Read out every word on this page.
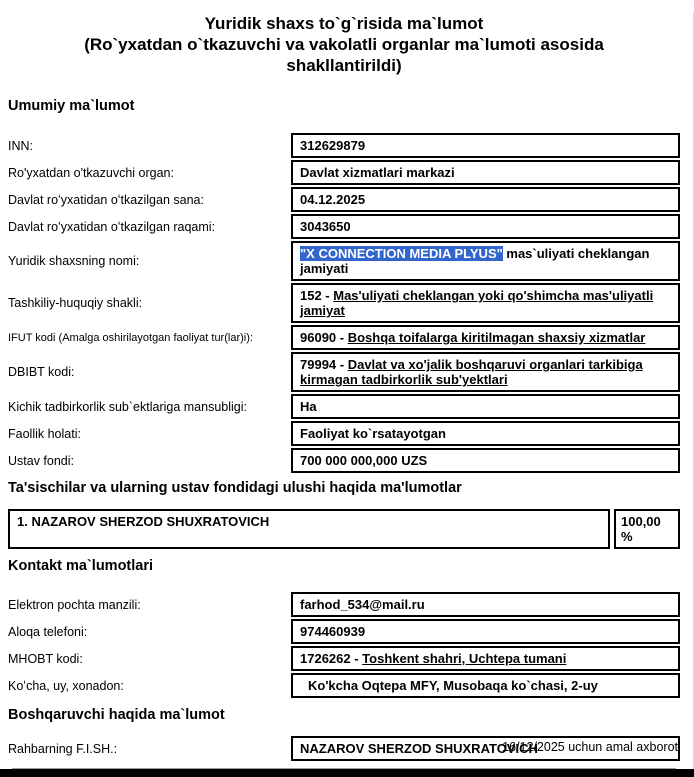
Yuridik shaxs to`g`risida ma`lumot
(Ro`yxatdan o`tkazuvchi va vakolatli organlar ma`lumoti asosida
shakllantirildi)
Umumiy ma`lumot
INN:	312629879
Ro'yxatdan o'tkazuvchi organ:	Davlat xizmatlari markazi
Davlat roʻyxatidan oʻtkazilgan sana:	04.12.2025
Davlat roʻyxatidan oʻtkazilgan raqami:	3043650
Yuridik shaxsning nomi:	"X CONNECTION MEDIA PLYUS" mas`uliyati cheklangan jamiyati
Tashkiliy-huquqiy shakli:	152 - Mas'uliyati cheklangan yoki qo'shimcha mas'uliyatli jamiyat
IFUT kodi (Amalga oshirilayotgan faoliyat tur(lar)i):	96090 - Boshqa toifalarga kiritilmagan shaxsiy xizmatlar
DBIBT kodi:	79994 - Davlat va xo'jalik boshqaruvi organlari tarkibiga kirmagan tadbirkorlik sub'yektlari
Kichik tadbirkorlik sub`ektlariga mansubligi:	Ha
Faollik holati:	Faoliyat ko`rsatayotgan
Ustav fondi:	700 000 000,000 UZS
Ta'sischilar va ularning ustav fondidagi ulushi haqida ma'lumotlar
1. NAZAROV SHERZOD SHUXRATOVICH	100,00 %
Kontakt ma`lumotlari
Elektron pochta manzili:	farhod_534@mail.ru
Aloqa telefoni:	974460939
MHOBT kodi:	1726262 - Toshkent shahri, Uchtepa tumani
Koʻcha, uy, xonadon:	Ko'kcha Oqtepa MFY, Musobaqa ko`chasi, 2-uy
Boshqaruvchi haqida ma`lumot
Rahbarning F.I.SH.:	NAZAROV SHERZOD SHUXRATOVICH
16/12/2025 uchun amal axborot
